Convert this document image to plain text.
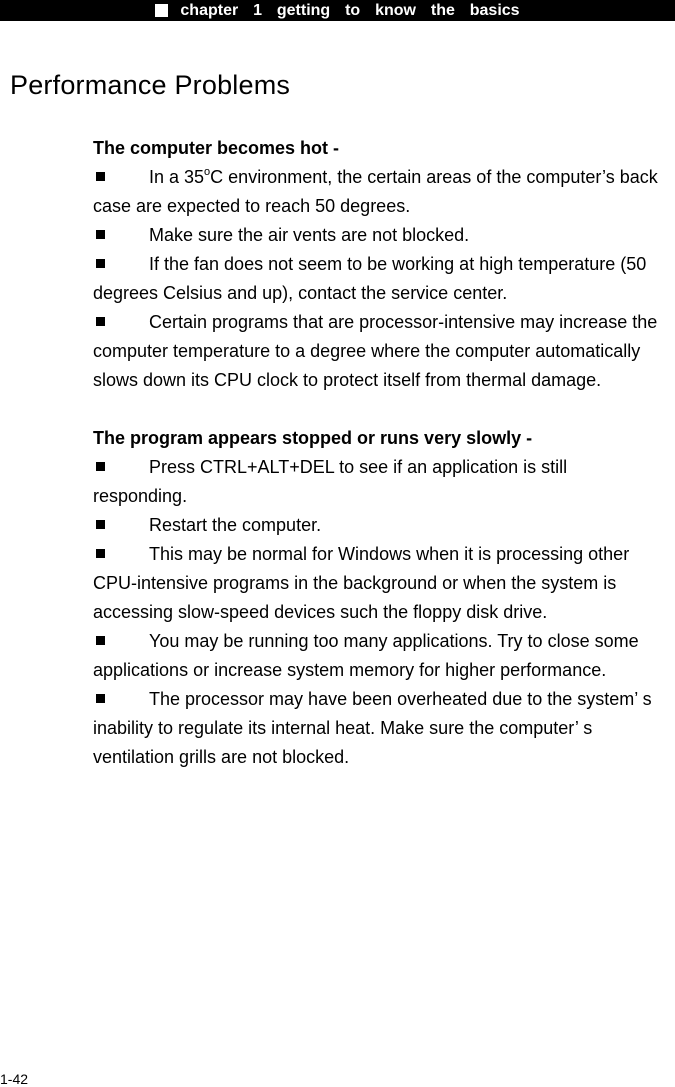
chapter  1  getting  to  know  the  basics
Performance Problems

The computer becomes hot -

In a 35$^o$C environment, the certain areas of the computer’s back case are expected to reach 50 degrees.

Make sure the air vents are not blocked.

If the fan does not seem to be working at high temperature (50 degrees Celsius and up), contact the service center.

Certain programs that are processor-intensive may increase the computer temperature to a degree where the computer automatically slows down its CPU clock to protect itself from thermal damage.

The program appears stopped or runs very slowly -

Press CTRL+ALT+DEL to see if an application is still responding.

Restart the computer.

This may be normal for Windows when it is processing other CPU-intensive programs in the background or when the system is accessing slow-speed devices such the floppy disk drive.

You may be running too many applications. Try to close some applications or increase system memory for higher performance.

The processor may have been overheated due to the system’ s inability to regulate its internal heat. Make sure the computer’ s ventilation grills are not blocked.

1-42
